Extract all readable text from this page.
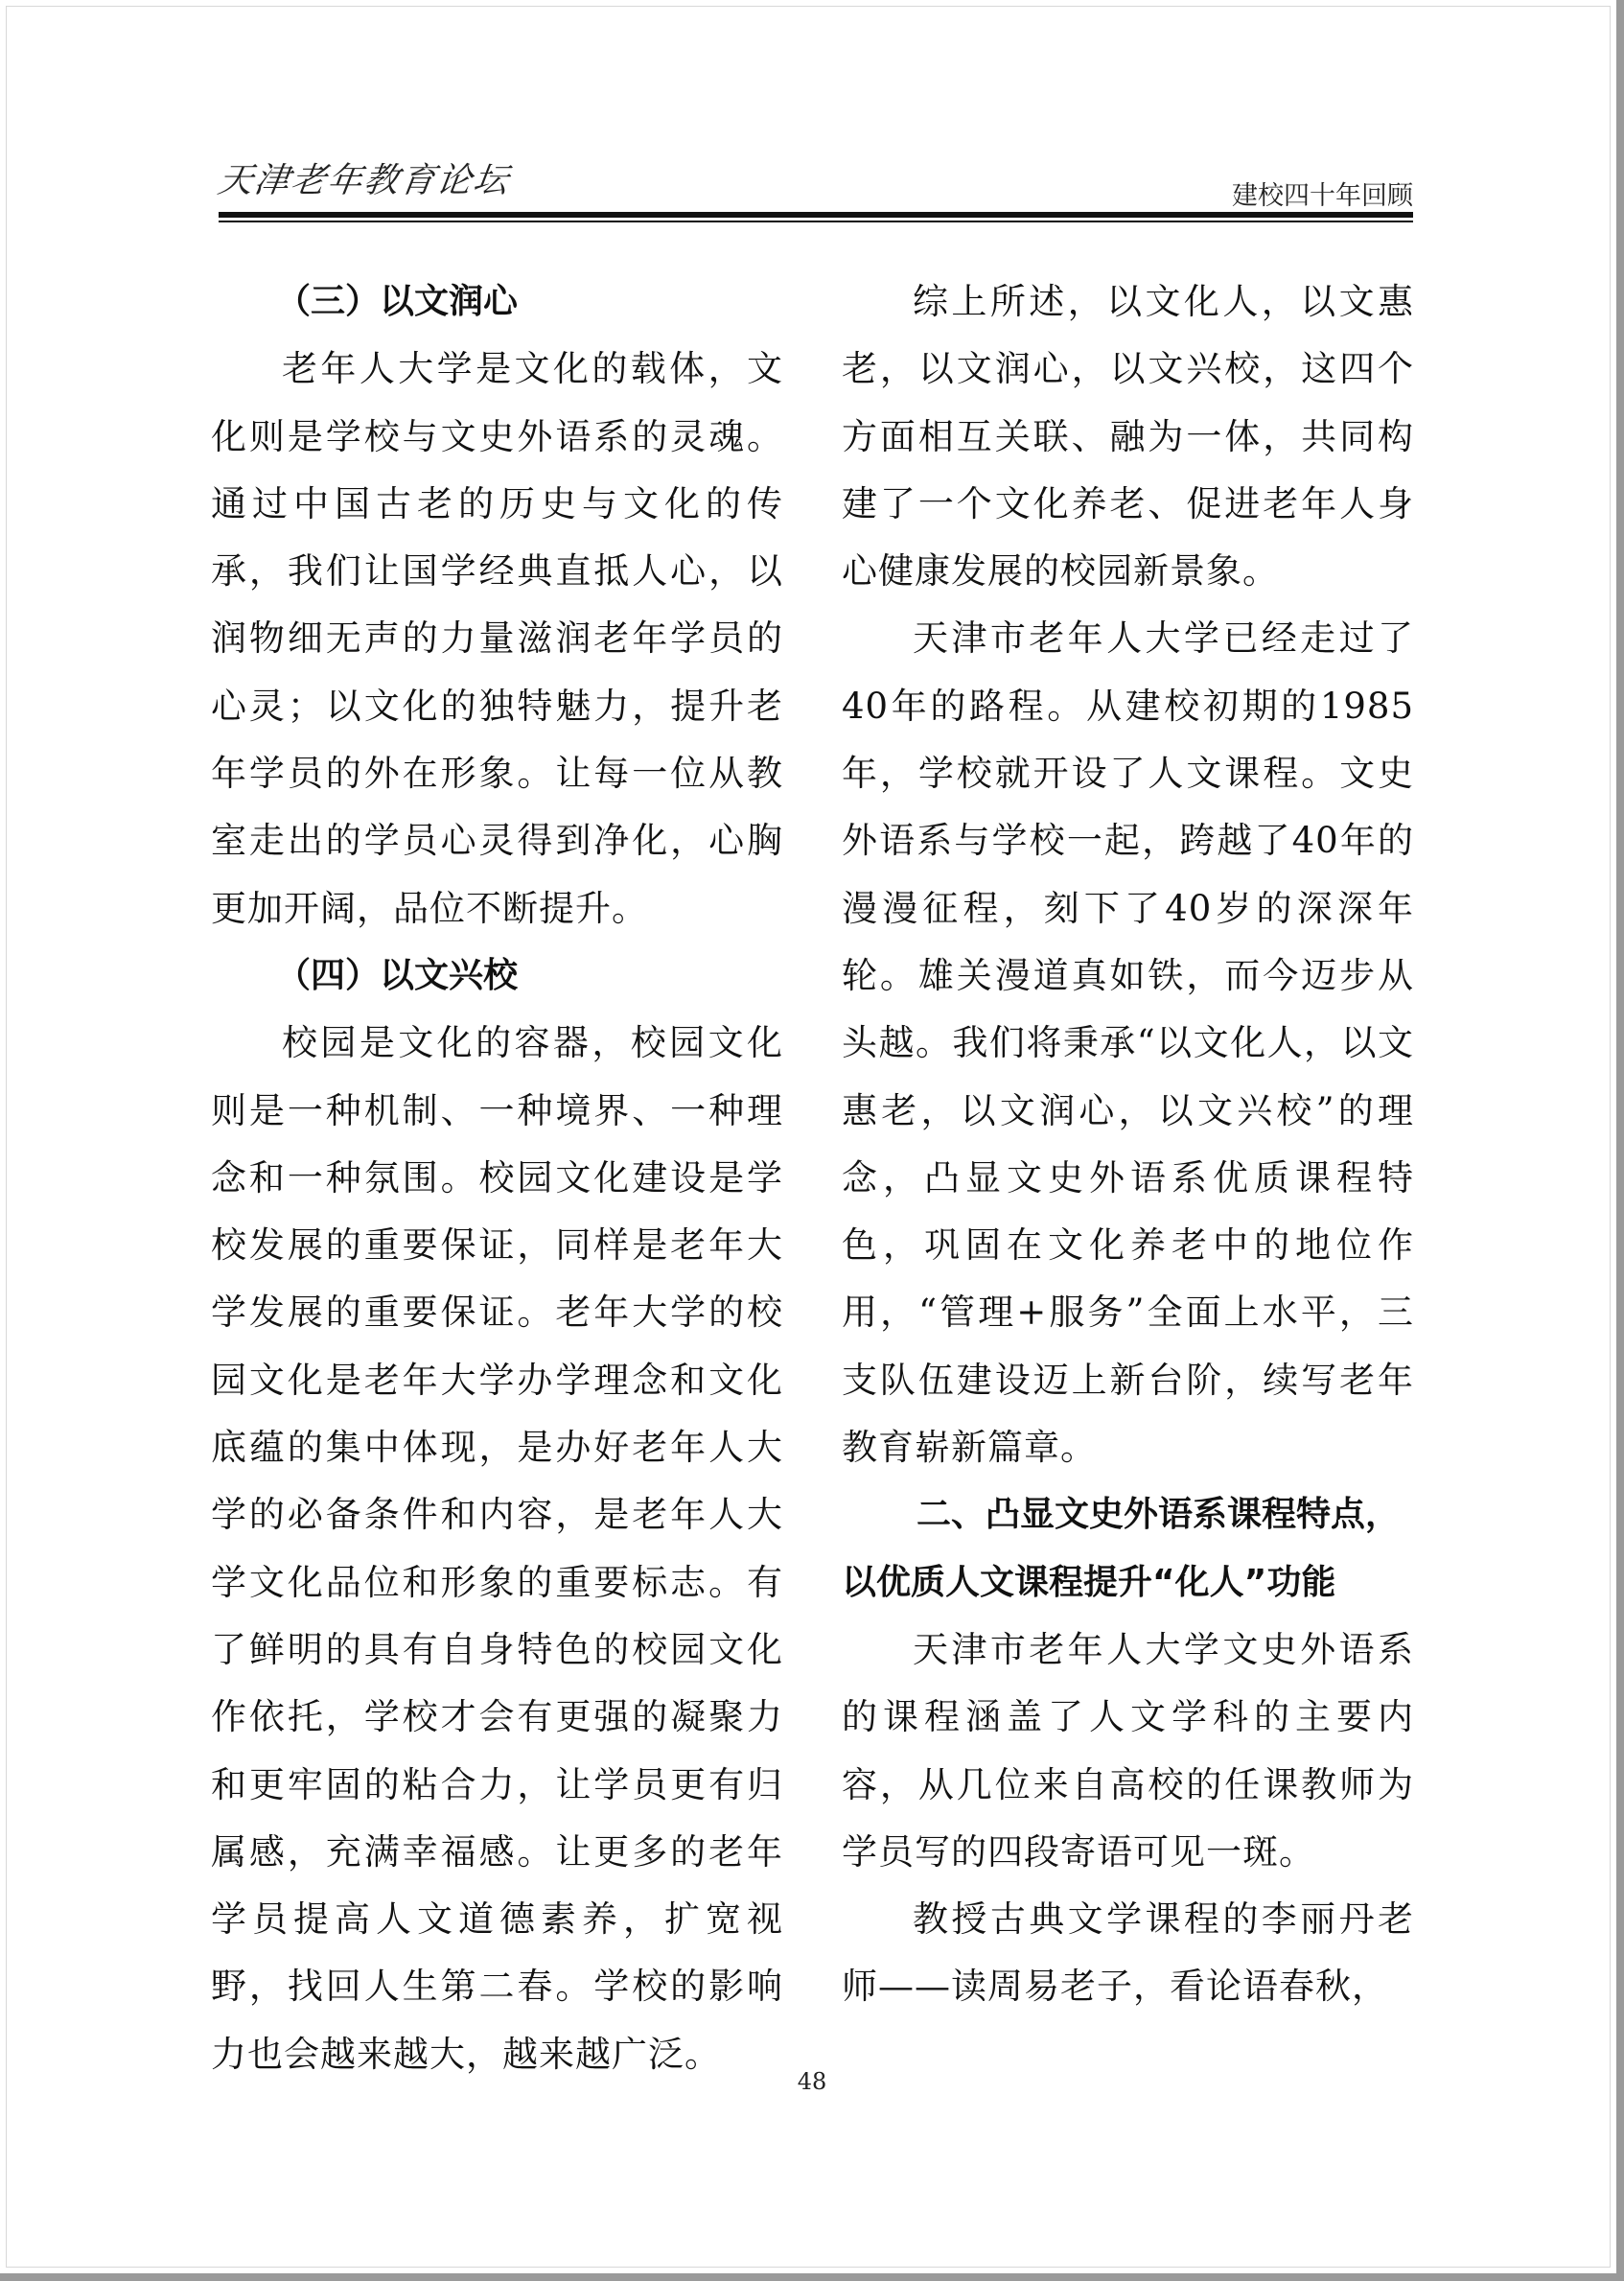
天津老年教育论坛	建校四十年回顾

（三）以文润心

老年人大学是文化的载体，文化则是学校与文史外语系的灵魂。通过中国古老的历史与文化的传承，我们让国学经典直抵人心，以润物细无声的力量滋润老年学员的心灵；以文化的独特魅力，提升老年学员的外在形象。让每一位从教室走出的学员心灵得到净化，心胸更加开阔，品位不断提升。

（四）以文兴校

校园是文化的容器，校园文化则是一种机制、一种境界、一种理念和一种氛围。校园文化建设是学校发展的重要保证，同样是老年大学发展的重要保证。老年大学的校园文化是老年大学办学理念和文化底蕴的集中体现，是办好老年人大学的必备条件和内容，是老年人大学文化品位和形象的重要标志。有了鲜明的具有自身特色的校园文化作依托，学校才会有更强的凝聚力和更牢固的粘合力，让学员更有归属感，充满幸福感。让更多的老年学员提高人文道德素养，扩宽视野，找回人生第二春。学校的影响力也会越来越大，越来越广泛。

综上所述，以文化人，以文惠老，以文润心，以文兴校，这四个方面相互关联、融为一体，共同构建了一个文化养老、促进老年人身心健康发展的校园新景象。

天津市老年人大学已经走过了40年的路程。从建校初期的1985年，学校就开设了人文课程。文史外语系与学校一起，跨越了40年的漫漫征程，刻下了40岁的深深年轮。雄关漫道真如铁，而今迈步从头越。我们将秉承“以文化人，以文惠老，以文润心，以文兴校”的理念，凸显文史外语系优质课程特色，巩固在文化养老中的地位作用，“管理+服务”全面上水平，三支队伍建设迈上新台阶，续写老年教育崭新篇章。

二、凸显文史外语系课程特点，
以优质人文课程提升“化人”功能

天津市老年人大学文史外语系的课程涵盖了人文学科的主要内容，从几位来自高校的任课教师为学员写的四段寄语可见一斑。

教授古典文学课程的李丽丹老师——读周易老子，看论语春秋，

48
